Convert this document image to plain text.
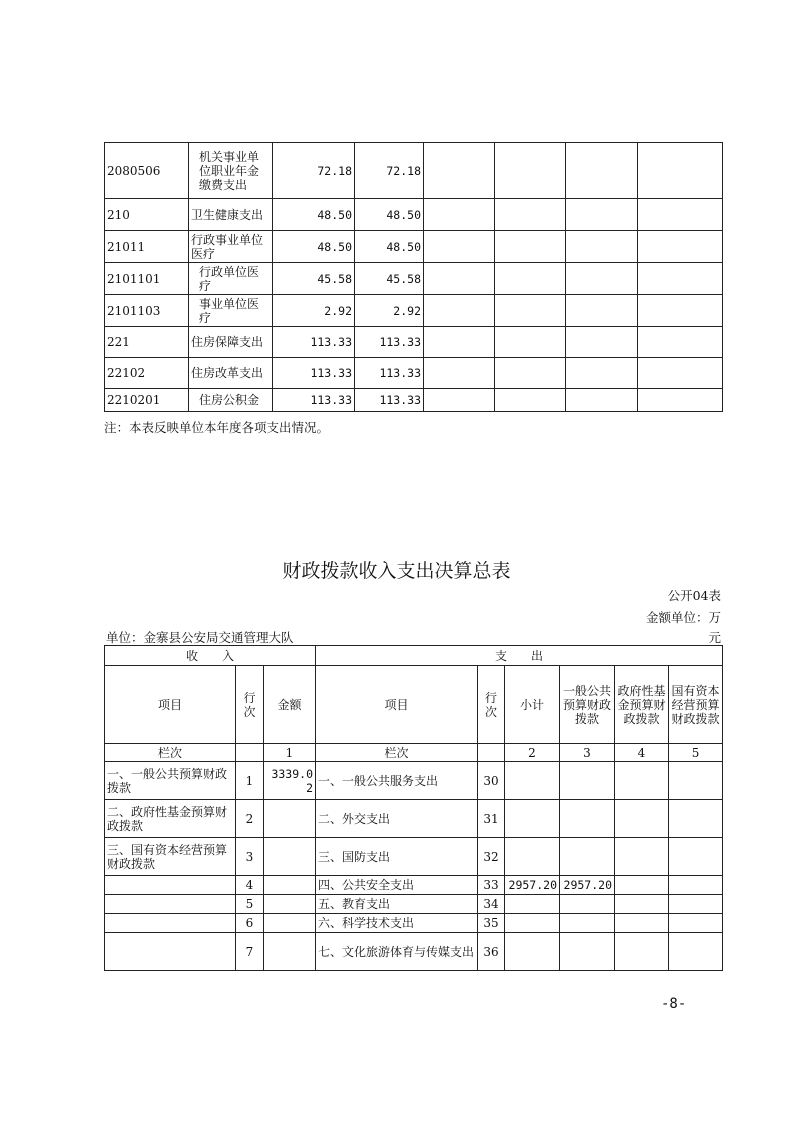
2080506	机关事业单位职业年金缴费支出	72.18	72.18				
210	卫生健康支出	48.50	48.50				
21011	行政事业单位医疗	48.50	48.50				
2101101	行政单位医疗	45.58	45.58				
2101103	事业单位医疗	2.92	2.92				
221	住房保障支出	113.33	113.33				
22102	住房改革支出	113.33	113.33				
2210201	住房公积金	113.33	113.33				
注：本表反映单位本年度各项支出情况。
财政拨款收入支出决算总表
公开04表
金额单位：万
元
单位：金寨县公安局交通管理大队
收　　入			支　　出					
项目	行次	金额	项目	行次	小计	一般公共预算财政拨款	政府性基金预算财政拨款	国有资本经营预算财政拨款
栏次		1	栏次		2	3	4	5
一、一般公共预算财政拨款	1	3339.02	一、一般公共服务支出	30				
二、政府性基金预算财政拨款	2		二、外交支出	31				
三、国有资本经营预算财政拨款	3		三、国防支出	32				
	4		四、公共安全支出	33	2957.20	2957.20		
	5		五、教育支出	34				
	6		六、科学技术支出	35				
	7		七、文化旅游体育与传媒支出	36				
-8-
